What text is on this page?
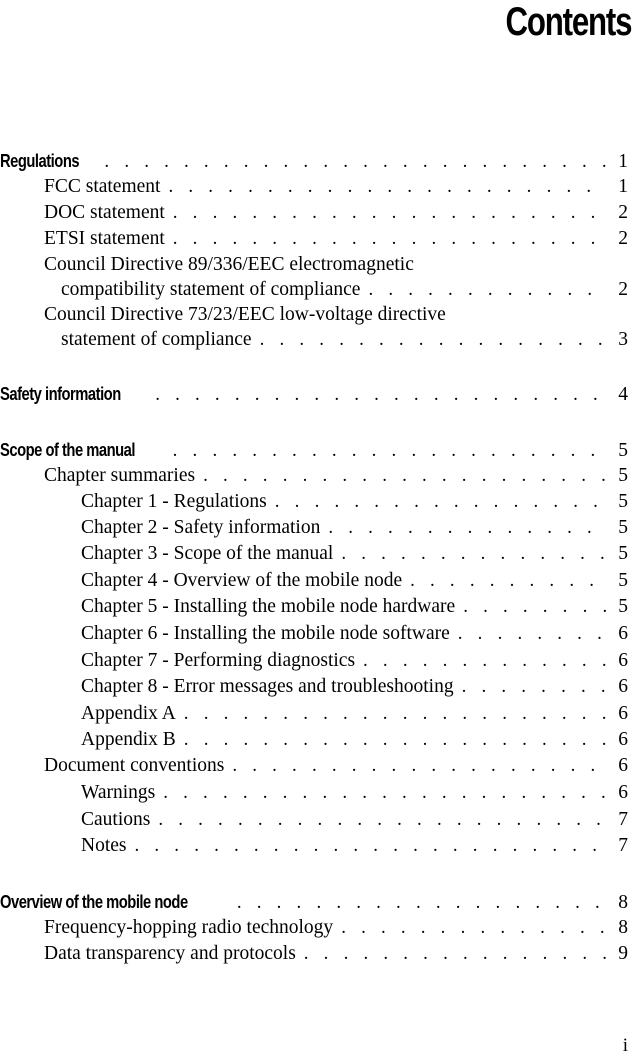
Contents
Regulations . . .	1
FCC statement . . .	1
DOC statement . . .	2
ETSI statement . . .	2
Council Directive 89/336/EEC electromagnetic
compatibility statement of compliance . . .	2
Council Directive 73/23/EEC low-voltage directive
statement of compliance . . .	3
Safety information . . .	4
Scope of the manual . . .	5
Chapter summaries . . .	5
Chapter 1 - Regulations . . .	5
Chapter 2 - Safety information . . .	5
Chapter 3 - Scope of the manual . . .	5
Chapter 4 - Overview of the mobile node . . .	5
Chapter 5 - Installing the mobile node hardware . . .	5
Chapter 6 - Installing the mobile node software . . .	6
Chapter 7 - Performing diagnostics . . .	6
Chapter 8 - Error messages and troubleshooting . . .	6
Appendix A . . .	6
Appendix B . . .	6
Document conventions . . .	6
Warnings . . .	6
Cautions . . .	7
Notes . . .	7
Overview of the mobile node . . .	8
Frequency-hopping radio technology . . .	8
Data transparency and protocols . . .	9
i
